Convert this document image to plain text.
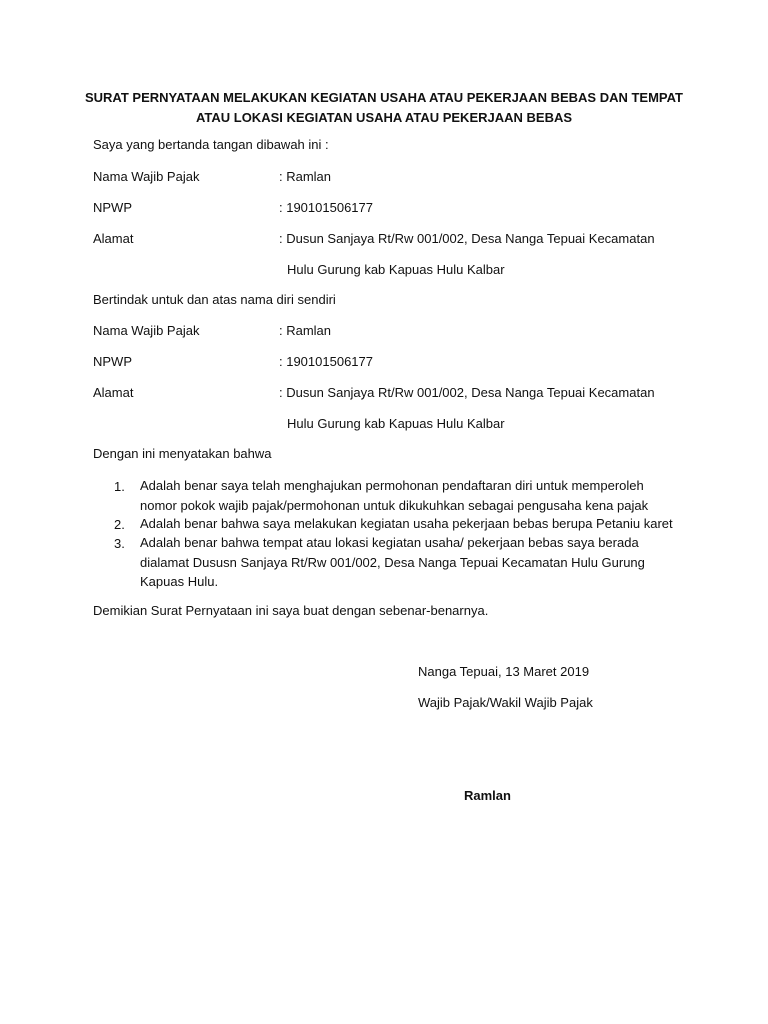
SURAT PERNYATAAN MELAKUKAN KEGIATAN USAHA ATAU PEKERJAAN BEBAS DAN TEMPAT
ATAU LOKASI KEGIATAN USAHA ATAU PEKERJAAN BEBAS
Saya yang bertanda tangan dibawah ini :
Nama Wajib Pajak	: Ramlan
NPWP	: 190101506177
Alamat	: Dusun Sanjaya Rt/Rw 001/002, Desa Nanga Tepuai Kecamatan
Hulu Gurung kab Kapuas Hulu Kalbar
Bertindak untuk dan atas nama diri sendiri
Nama Wajib Pajak	: Ramlan
NPWP	: 190101506177
Alamat	: Dusun Sanjaya Rt/Rw 001/002, Desa Nanga Tepuai Kecamatan
Hulu Gurung kab Kapuas Hulu Kalbar
Dengan ini menyatakan bahwa
1. Adalah benar saya telah menghajukan permohonan pendaftaran diri untuk memperoleh nomor pokok wajib pajak/permohonan untuk dikukuhkan sebagai pengusaha kena pajak
2. Adalah benar bahwa saya melakukan kegiatan usaha pekerjaan bebas berupa Petaniu karet
3. Adalah benar bahwa tempat atau lokasi kegiatan usaha/ pekerjaan bebas saya berada dialamat Dususn Sanjaya Rt/Rw 001/002, Desa Nanga Tepuai Kecamatan Hulu Gurung Kapuas Hulu.
Demikian Surat Pernyataan ini saya buat dengan sebenar-benarnya.
Nanga Tepuai, 13 Maret 2019
Wajib Pajak/Wakil Wajib Pajak
Ramlan
